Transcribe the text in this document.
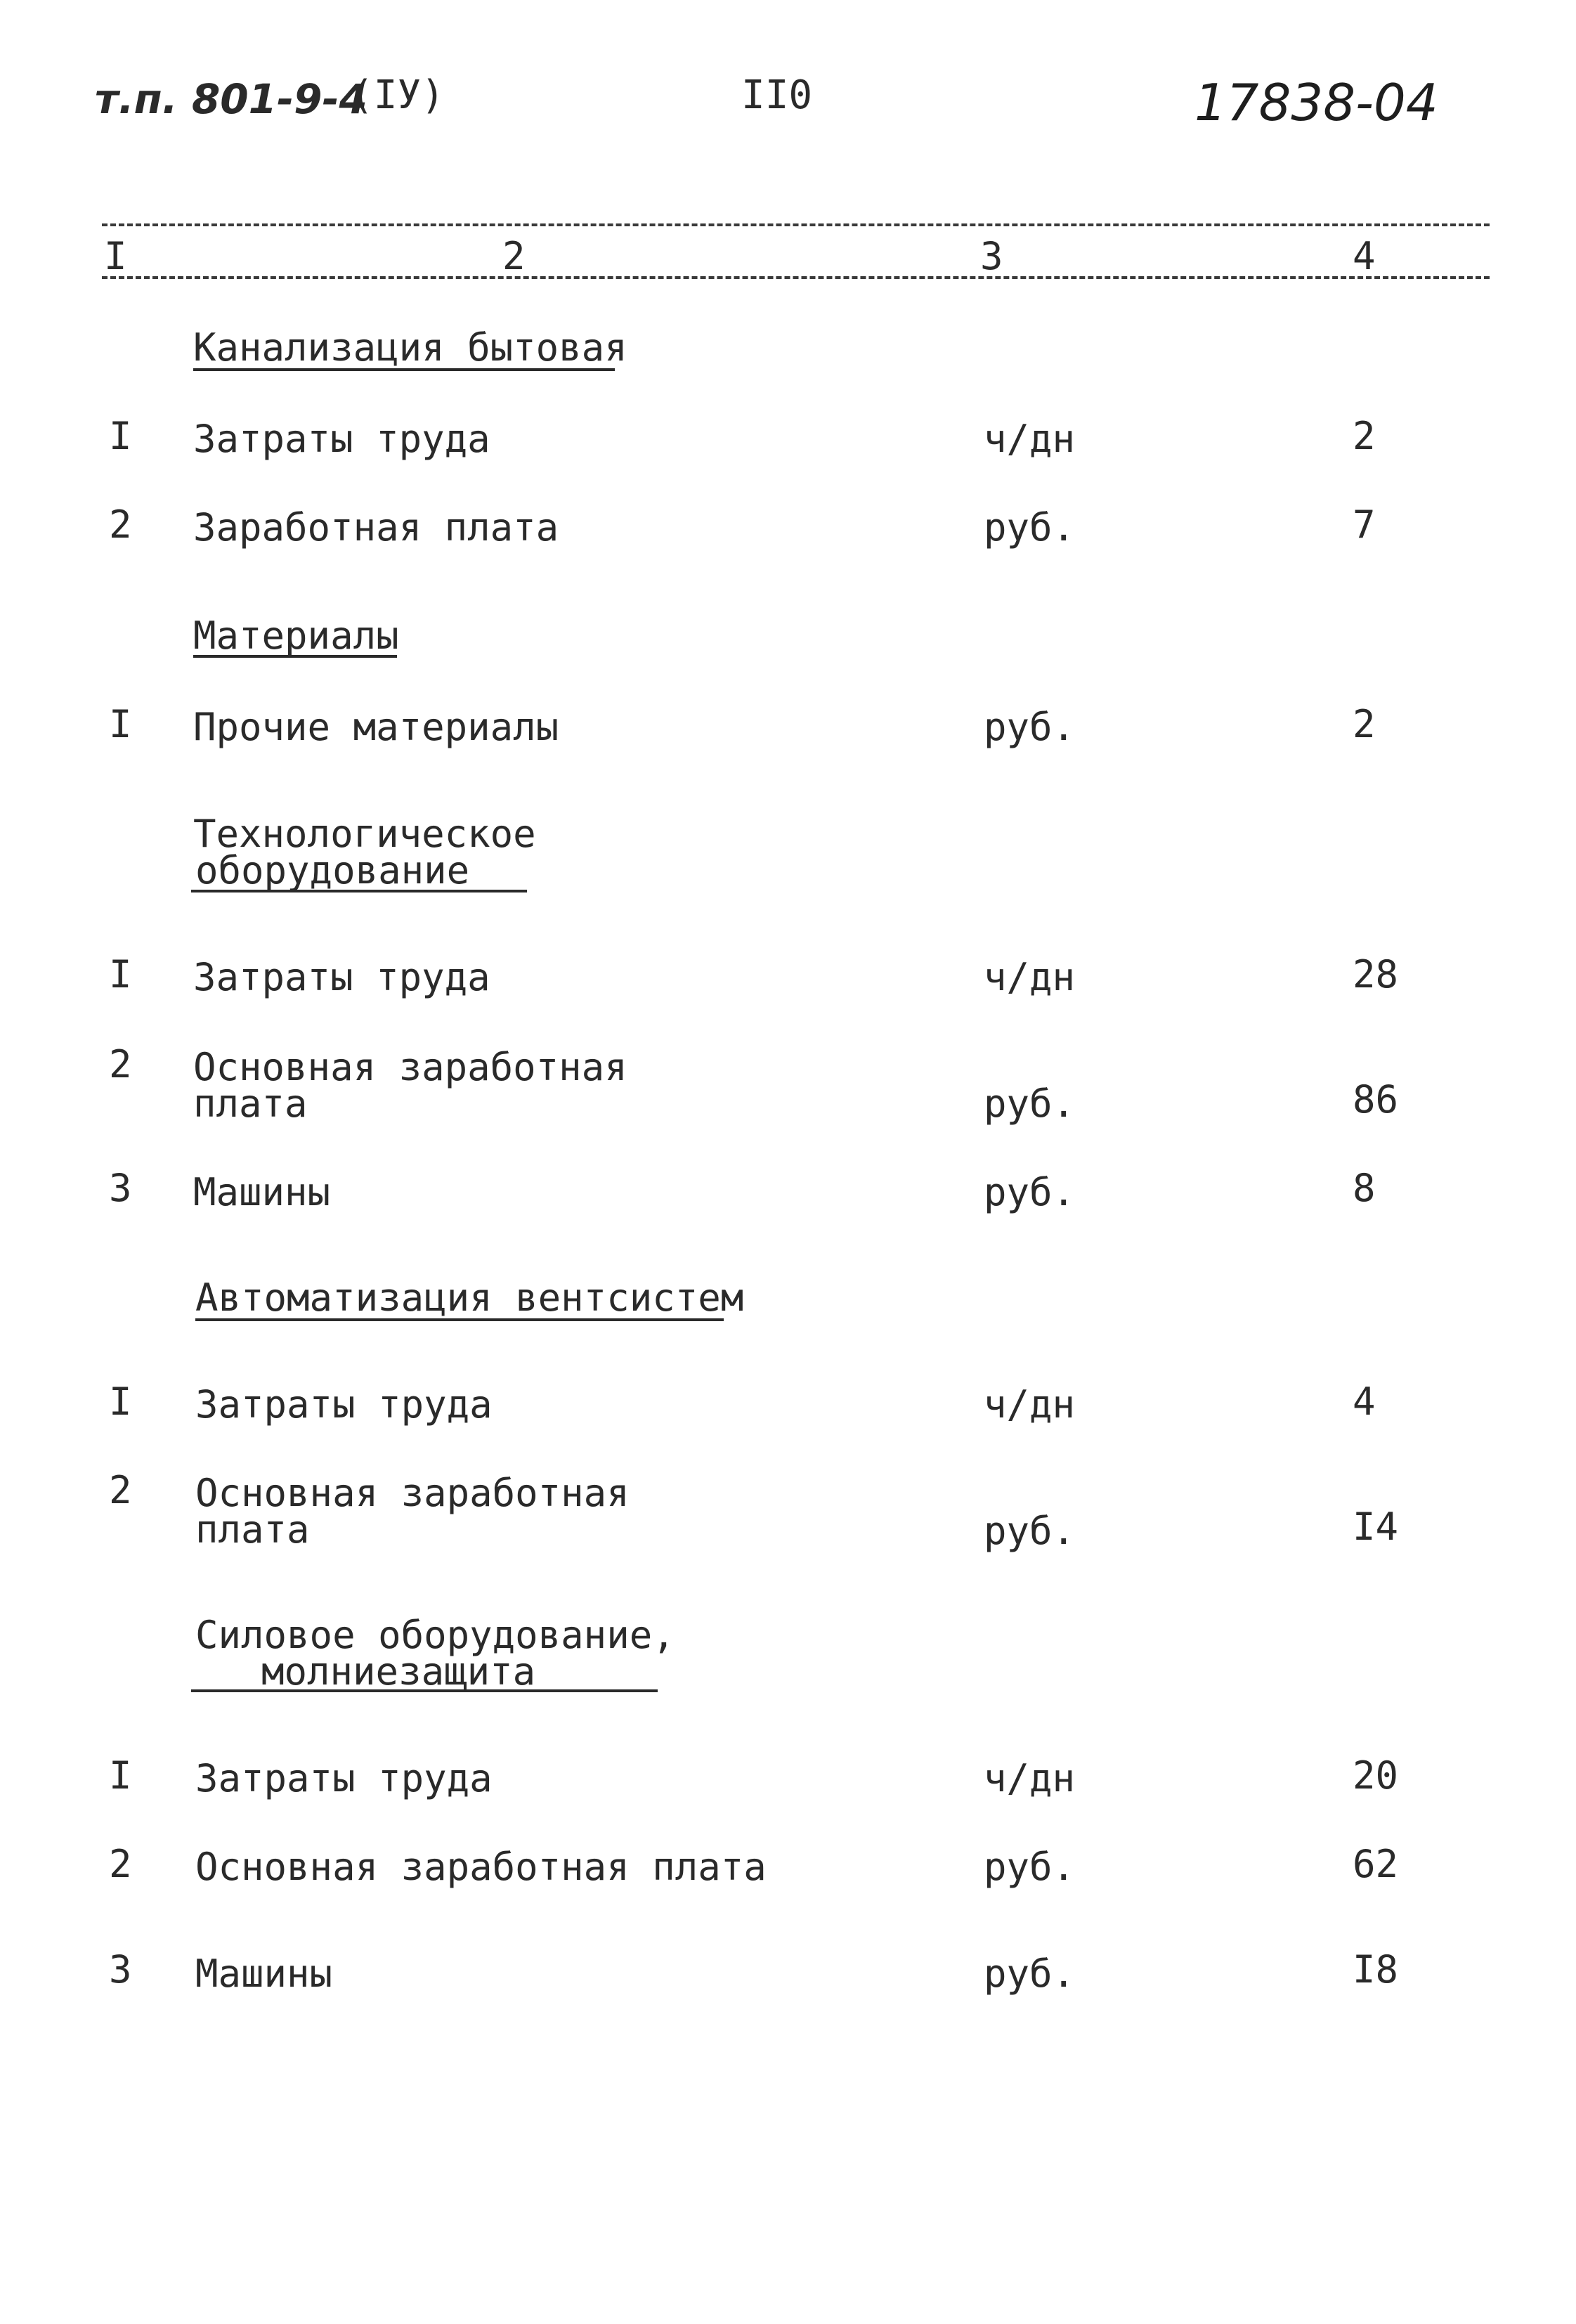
т.п. 801-9-4
(IУ)	II0	17838-04
I	2	3	4
Канализация бытовая
I Затраты труда	ч/дн	2
2 Заработная плата	руб.	7
Материалы
I Прочие материалы	руб.	2
Технологическое
оборудование
I Затраты труда	ч/дн	28
2 Основная заработная
плата	руб.	86
3 Машины	руб.	8
Автоматизация вентсистем
I Затраты труда	ч/дн	4
2 Основная заработная
плата	руб.	I4
Силовое оборудование,
молниезащита
I Затраты труда	ч/дн	20
2 Основная заработная плата	руб.	62
3 Машины	руб.	I8
